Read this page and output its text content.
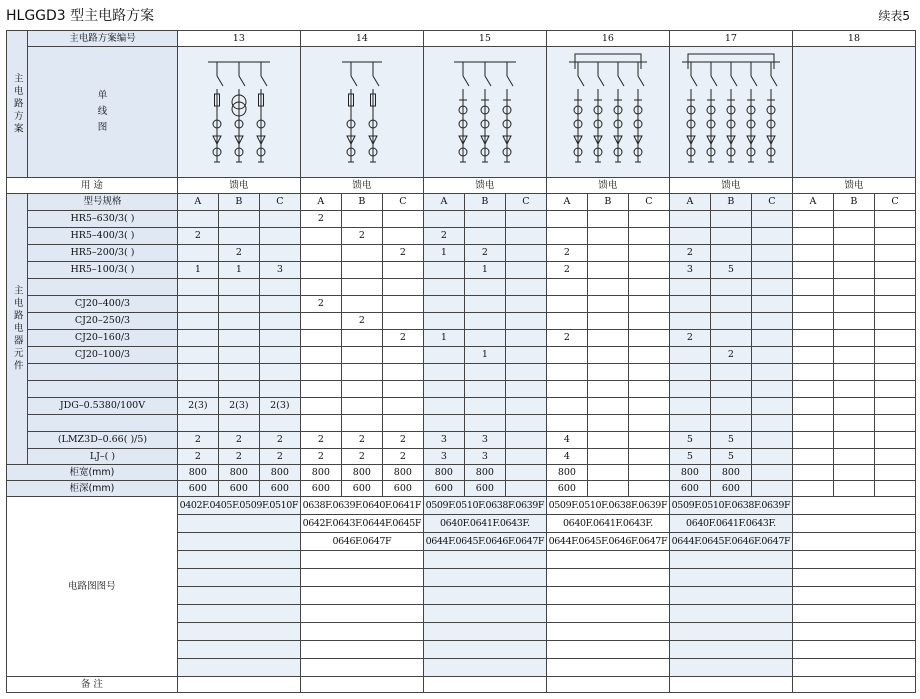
HLGGD3 型主电路方案	续表5
主电路方案	主电路方案编号	13			14			15			16			17			18		
	单
线
图	

用 途		馈电			馈电			馈电			馈电			馈电			馈电		
主电路电器元件	型号规格	A	B	C	A	B	C	A	B	C	A	B	C	A	B	C	A	B	C
	HR5–630/3( )				2														
	HR5–400/3( )	2				2		2											
	HR5–200/3( )		2				2	1	2		2			2					
	HR5–100/3( )	1	1	3					1		2			3	5				

	CJ20–400/3				2														
	CJ20–250/3					2													
	CJ20–160/3						2	1			2			2					
	CJ20–100/3								1						2				

	JDG–0.5380/100V	2(3)	2(3)	2(3)															

	(LMZ3D–0.66( )/5)	2	2	2	2	2	2	3	3		4			5	5				
	LJ–( )	2	2	2	2	2	2	3	3		4			5	5				
柜宽(mm)		800	800	800	800	800	800	800	800		800			800	800				
柜深(mm)		600	600	600	600	600	600	600	600		600			600	600				
电路图图号		0402F.0405F.0509F.0510F			0638F.0639F.0640F.0641F			0509F.0510F.0638F.0639F			0509F.0510F.0638F.0639F			0509F.0510F.0638F.0639F					
					0642F.0643F.0644F.0645F			0640F.0641F.0643F.			0640F.0641F.0643F.			0640F.0641F.0643F.					
					0646F.0647F			0644F.0645F.0646F.0647F			0644F.0645F.0646F.0647F			0644F.0645F.0646F.0647F					

备 注																			
